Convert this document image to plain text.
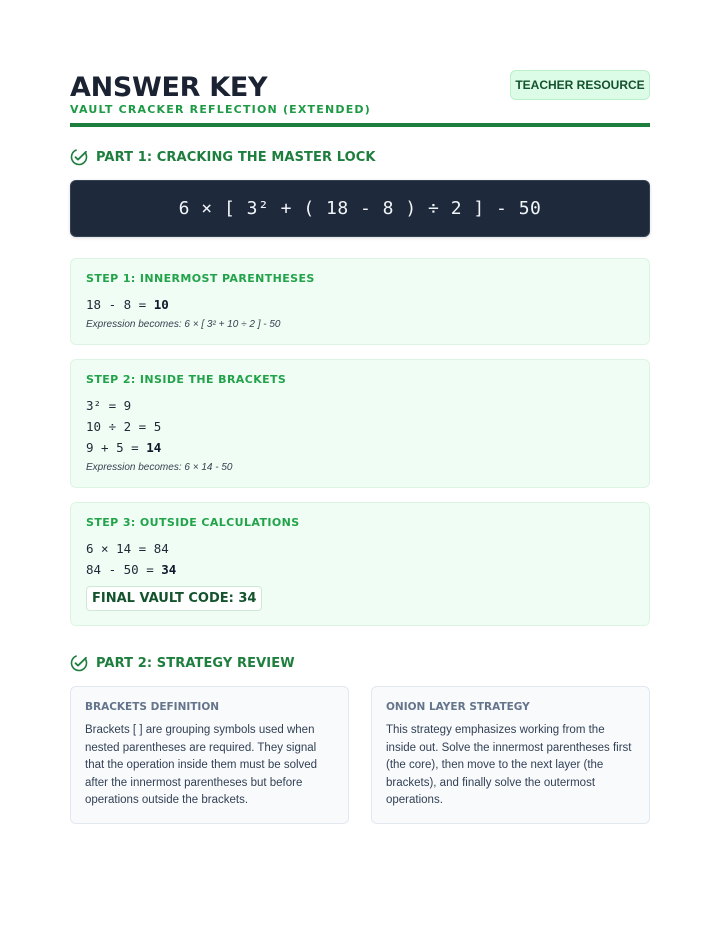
ANSWER KEY
VAULT CRACKER REFLECTION (EXTENDED)
TEACHER RESOURCE
PART 1: CRACKING THE MASTER LOCK
6 × [ 3² + ( 18 - 8 ) ÷ 2 ] - 50
STEP 1: INNERMOST PARENTHESES
18 - 8 = 10
Expression becomes: 6 × [ 3² + 10 ÷ 2 ] - 50
STEP 2: INSIDE THE BRACKETS
3² = 9
10 ÷ 2 = 5
9 + 5 = 14
Expression becomes: 6 × 14 - 50
STEP 3: OUTSIDE CALCULATIONS
6 × 14 = 84
84 - 50 = 34
FINAL VAULT CODE: 34
PART 2: STRATEGY REVIEW
BRACKETS DEFINITION
Brackets [ ] are grouping symbols used when nested parentheses are required. They signal that the operation inside them must be solved after the innermost parentheses but before operations outside the brackets.
ONION LAYER STRATEGY
This strategy emphasizes working from the inside out. Solve the innermost parentheses first (the core), then move to the next layer (the brackets), and finally solve the outermost operations.
